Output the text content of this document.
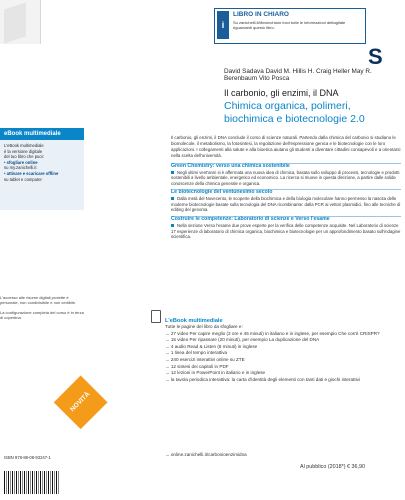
eBook multimediale
L'eBook multimediale
è la versione digitale
del tuo libro che puoi:
• sfogliare online
su my.zanichelli.it
• attivare e scaricare offline
su tablet e computer

L'accesso alle risorse digitali protette è personale, non condivisibile e non cedibile.

La configurazione completa del corso è in terza di copertina.

NOVITÀ
i
LIBRO IN CHIARO
Su zanichelli.it/libroinchiaro trovi tutte le informazioni dettagliate riguardanti questo libro.
S
David Sadava David M. Hillis H. Craig Heller May R. Berenbaum Vito Posca
Il carbonio, gli enzimi, il DNA
Chimica organica, polimeri,
biochimica e biotecnologie 2.0
Il carbonio, gli enzimi, il DNA conclude il corso di scienze naturali. Partendo dalla chimica del carbonio si studiano le biomolecole, il metabolismo, la fotosintesi, la regolazione dell'espressione genica e le biotecnologie con le loro applicazioni. I collegamenti alla salute e alla bioetica aiutano gli studenti a diventare cittadini consapevoli e a orientarsi nella scelta dell'università.
Green Chemistry: verso una chimica sostenibile
Negli ultimi vent'anni si è affermata una nuova idea di chimica, basata sullo sviluppo di processi, tecnologie e prodotti sostenibili a livello ambientale, energetico ed economico. La ricerca si muove in questa direzione, a partire dalle solide conoscenze della chimica generale e organica.
Le biotecnologie del ventunesimo secolo
Dalla metà del Novecento, le scoperte della biochimica e della biologia molecolare hanno permesso la nascita delle moderne biotecnologie basate sulla tecnologia del DNA ricombinante: dalla PCR ai vettori plasmidici, fino alle tecniche di editing del genoma.
Costruire le competenze: Laboratorio di scienze e Verso l'esame
Nella sezione Verso l'esame due prove esperte per la verifica delle competenze acquisite. Nel Laboratorio di scienze 17 esperienze di laboratorio di chimica organica, biochimica e biotecnologie per un approfondimento basato sull'indagine scientifica.
L'eBook multimediale
Tutte le pagine del libro da sfogliare e:
→ 27 video Per capire meglio (2 ore e 45 minuti) in italiano e in inglese, per esempio Che cos'è CRISPR?
→ 15 video Per ripassare (20 minuti), per esempio La duplicazione del DNA
→ 4 audio Read & Listen (8 minuti) in inglese
→ 1 linea del tempo interattiva
→ 240 esercizi interattivi online su ZTE
→ 12 sintesi dei capitoli in PDF
→ 12 lezioni in PowerPoint in italiano e in inglese
→ la tavola periodica interattiva: la carta d'identità degli elementi con tanti dati e giochi interattivi
→ online.zanichelli.it/carbonioenzimidna
ISBN 978-88-08-93247-1
Al pubblico (2018*) € 36,90
